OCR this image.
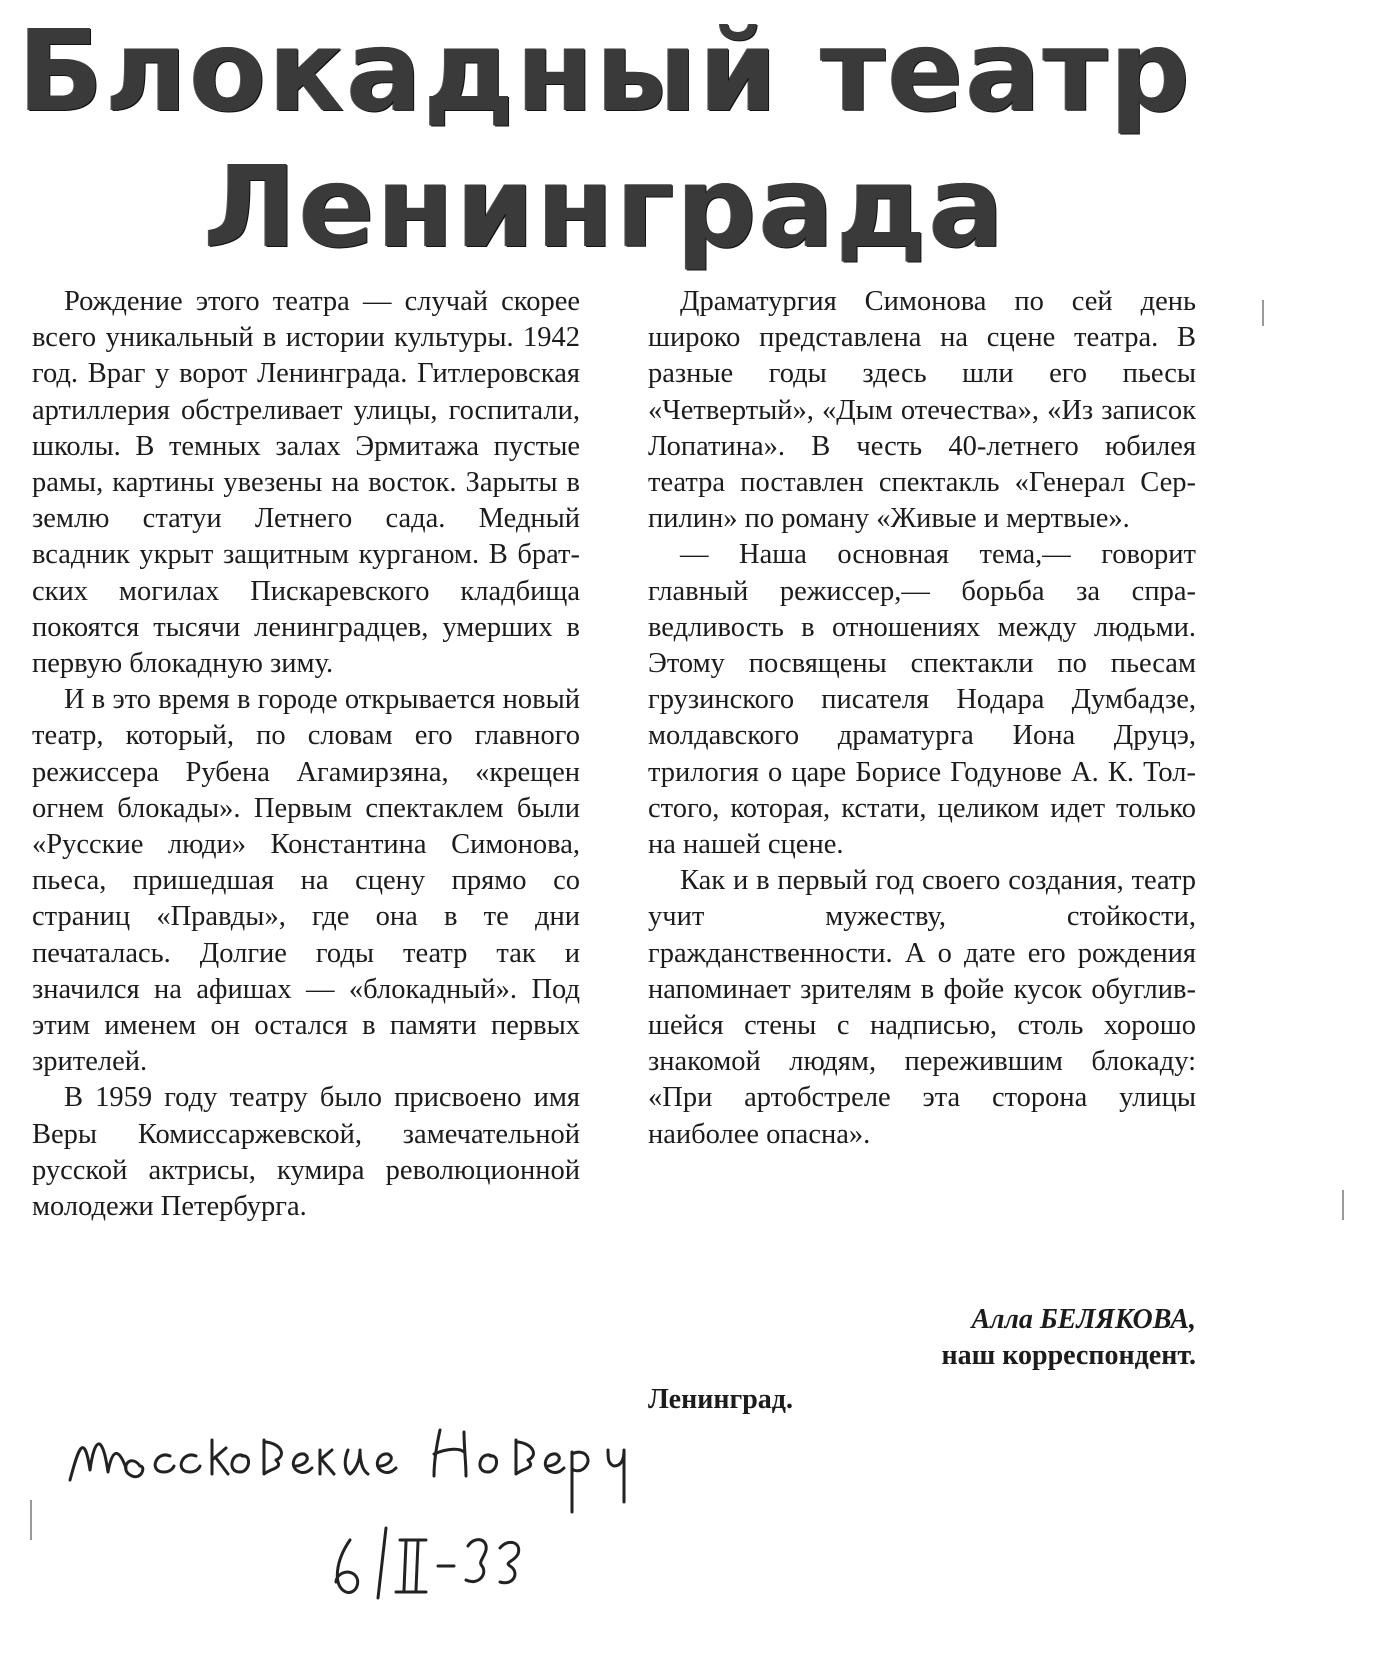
Блокадный театр
Ленинграда

Рождение этого театра — случай скорее всего уникальный в истории культуры. 1942 год. Враг у ворот Ленинграда. Гитлеровская артиллерия обстреливает улицы, госпитали, школы. В темных залах Эрмитажа пустые рамы, картины увезены на восток. Зарыты в землю статуи Летнего сада. Медный всадник укрыт защитным курганом. В братских могилах Пискаревского кладбища покоятся тысячи ленинградцев, умерших в первую блокадную зиму.

И в это время в городе открывается новый театр, который, по словам его главного режиссера Рубена Агамирзяна, «крещен огнем блокады». Первым спектаклем были «Русские люди» Константина Симонова, пьеса, пришедшая на сцену прямо со страниц «Правды», где она в те дни печаталась. Долгие годы театр так и значился на афишах — «блокадный». Под этим именем он остался в памяти первых зрителей.

В 1959 году театру было присвоено имя Веры Комиссаржевской, замечательной русской актрисы, кумира революционной молодежи Петербурга.

Драматургия Симонова по сей день широко представлена на сцене театра. В разные годы здесь шли его пьесы «Четвертый», «Дым отечества», «Из записок Лопатина». В честь 40-летнего юбилея театра поставлен спектакль «Генерал Серпилин» по роману «Живые и мертвые».

— Наша основная тема,— говорит главный режиссер,— борьба за справедливость в отношениях между людьми. Этому посвящены спектакли по пьесам грузинского писателя Нодара Думбадзе, молдавского драматурга Иона Друцэ, трилогия о царе Борисе Годунове А. К. Толстого, которая, кстати, целиком идет только на нашей сцене.

Как и в первый год своего создания, театр учит мужеству, стойкости, гражданственности. А о дате его рождения напоминает зрителям в фойе кусок обуглившейся стены с надписью, столь хорошо знакомой людям, пережившим блокаду: «При артобстреле эта сторона улицы наиболее опасна».

Алла БЕЛЯКОВА,
наш корреспондент.
Ленинград.
